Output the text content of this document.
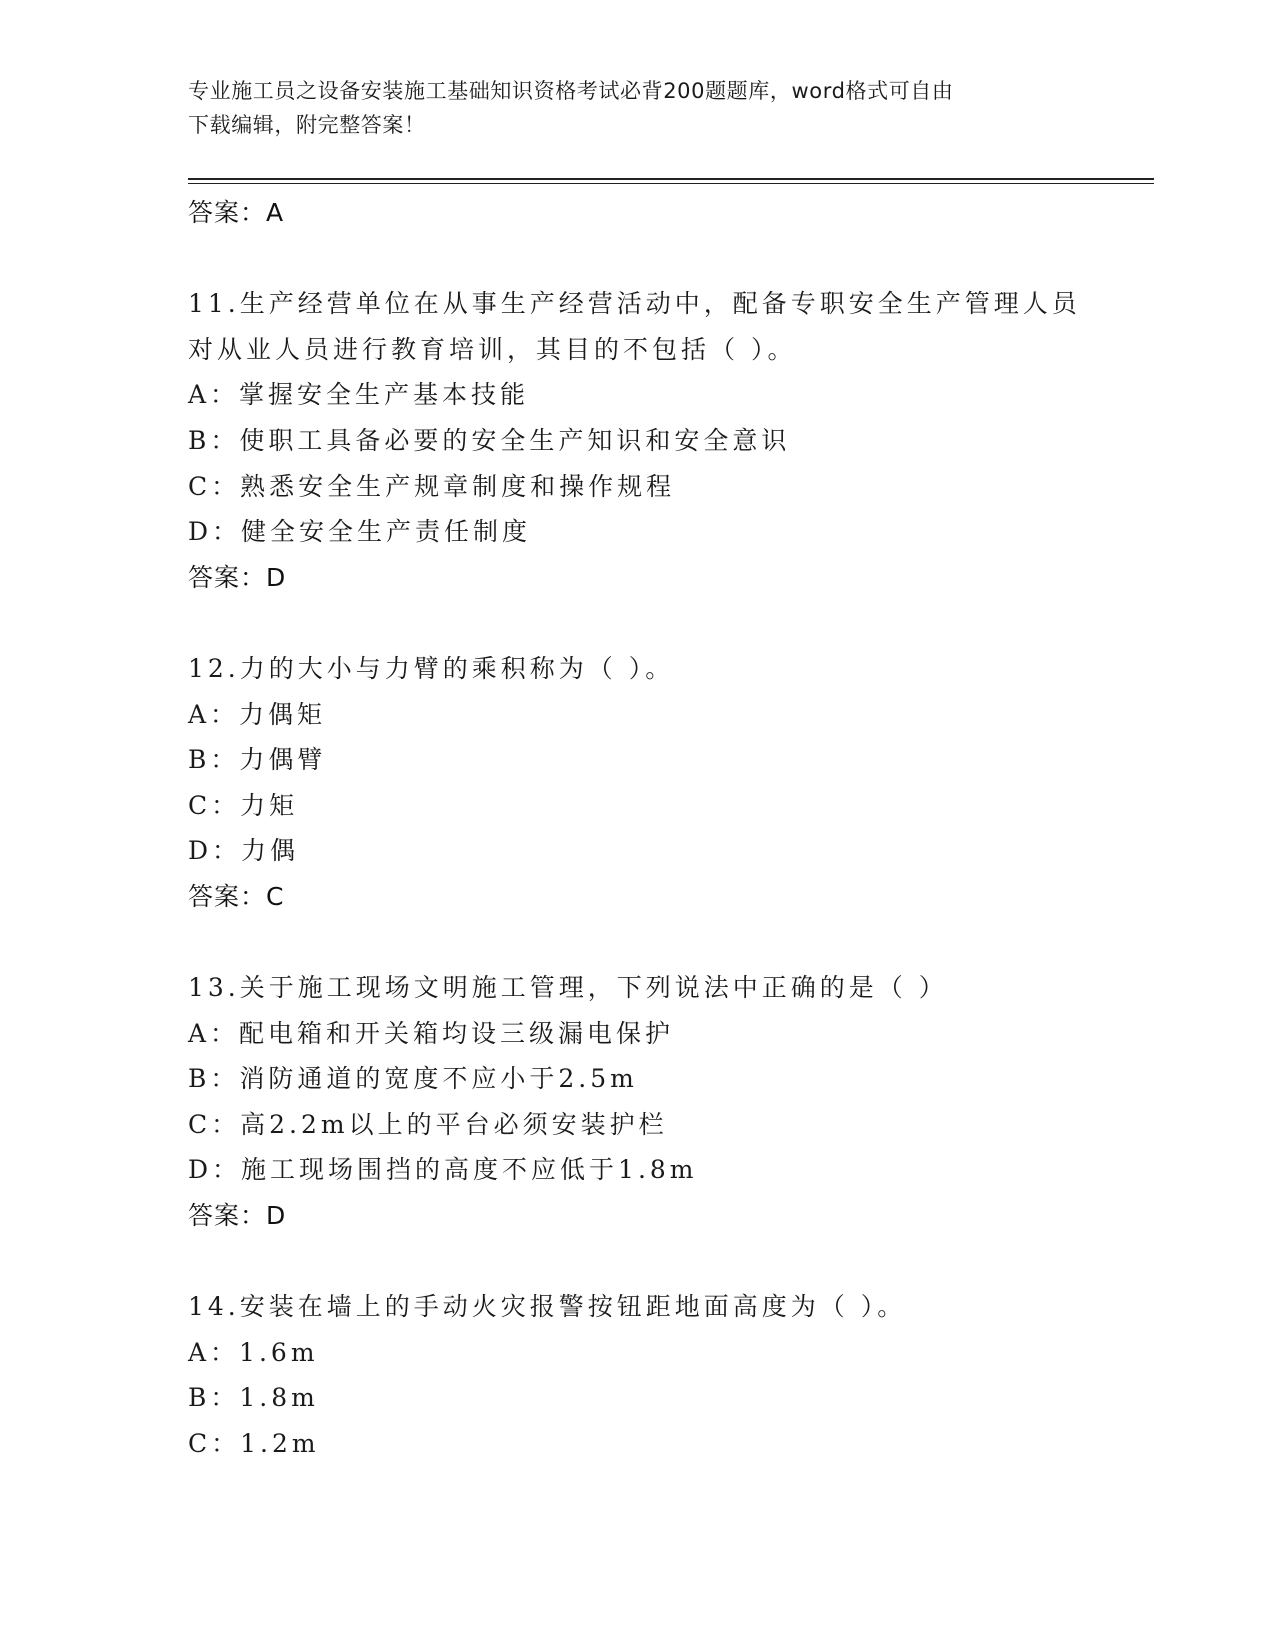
专业施工员之设备安装施工基础知识资格考试必背200题题库，word格式可自由
下载编辑，附完整答案！
答案：A
11.生产经营单位在从事生产经营活动中，配备专职安全生产管理人员
对从业人员进行教育培训，其目的不包括（ ）。
A：掌握安全生产基本技能
B：使职工具备必要的安全生产知识和安全意识
C：熟悉安全生产规章制度和操作规程
D：健全安全生产责任制度
答案：D
12.力的大小与力臂的乘积称为（ ）。
A：力偶矩
B：力偶臂
C：力矩
D：力偶
答案：C
13.关于施工现场文明施工管理，下列说法中正确的是（ ）
A：配电箱和开关箱均设三级漏电保护
B：消防通道的宽度不应小于2.5m
C：高2.2m以上的平台必须安装护栏
D：施工现场围挡的高度不应低于1.8m
答案：D
14.安装在墙上的手动火灾报警按钮距地面高度为（ ）。
A：1.6m
B：1.8m
C：1.2m
